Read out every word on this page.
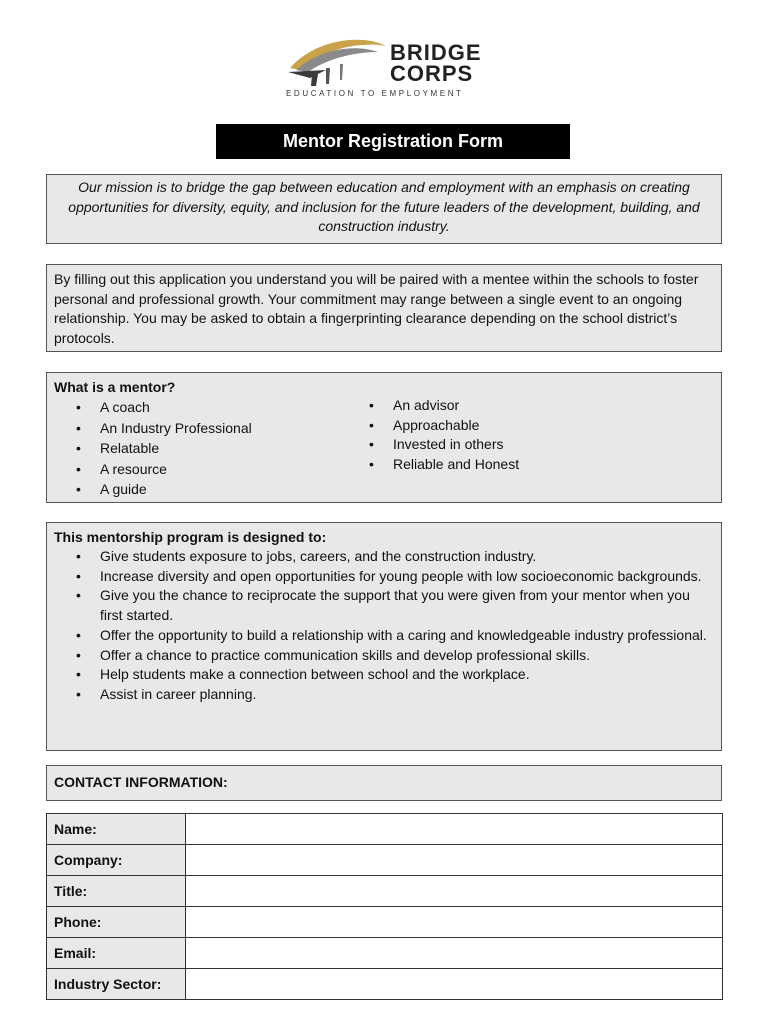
BRIDGE
CORPS
EDUCATION TO EMPLOYMENT
Mentor Registration Form
Our mission is to bridge the gap between education and employment with an emphasis on creating opportunities for diversity, equity, and inclusion for the future leaders of the development, building, and construction industry.
By filling out this application you understand you will be paired with a mentee within the schools to foster personal and professional growth. Your commitment may range between a single event to an ongoing relationship. You may be asked to obtain a fingerprinting clearance depending on the school district’s protocols.
What is a mentor?
• A coach
• An Industry Professional
• Relatable
• A resource
• A guide
• An advisor
• Approachable
• Invested in others
• Reliable and Honest
This mentorship program is designed to:
• Give students exposure to jobs, careers, and the construction industry.
• Increase diversity and open opportunities for young people with low socioeconomic backgrounds.
• Give you the chance to reciprocate the support that you were given from your mentor when you first started.
• Offer the opportunity to build a relationship with a caring and knowledgeable industry professional.
• Offer a chance to practice communication skills and develop professional skills.
• Help students make a connection between school and the workplace.
• Assist in career planning.
CONTACT INFORMATION:
Name:	
Company:	
Title:	
Phone:	
Email:	
Industry Sector:	
